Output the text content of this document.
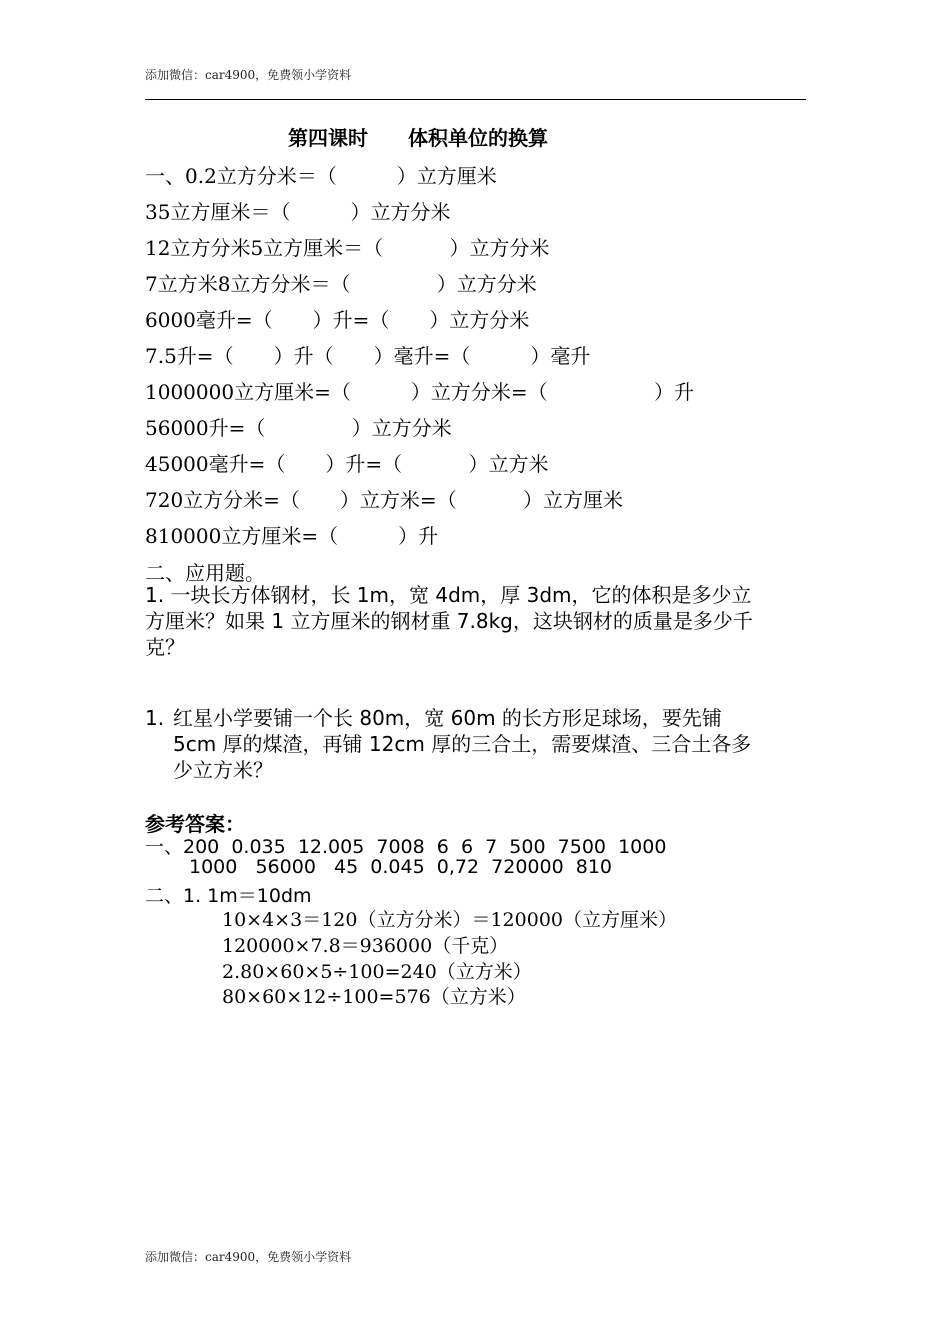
添加微信：car4900，免费领小学资料
第四课时　　体积单位的换算
一、0.2立方分米＝（　　　）立方厘米
35立方厘米＝（　　　）立方分米
12立方分米5立方厘米＝（　　　 ）立方分米
7立方米8立方分米＝（　　　　 ）立方分米
6000毫升=（　　）升=（　　）立方分米
7.5升=（　　）升（　　）毫升=（　　　）毫升
1000000立方厘米=（　　　）立方分米=（　　　　　 ）升
56000升=（　　　　 ）立方分米
45000毫升=（　　）升=（　　　 ）立方米
720立方分米=（　　）立方米=（　　　 ）立方厘米
810000立方厘米=（　　　）升
二、应用题。
1. 一块长方体钢材，长 1m，宽 4dm，厚 3dm，它的体积是多少立方厘米？如果 1 立方厘米的钢材重 7.8kg，这块钢材的质量是多少千克？
1. 红星小学要铺一个长 80m，宽 60m 的长方形足球场，要先铺 5cm 厚的煤渣，再铺 12cm 厚的三合土，需要煤渣、三合土各多少立方米？
参考答案：
一、200  0.035  12.005  7008  6  6  7  500  7500  1000
1000   56000   45  0.045  0,72  720000  810
二、1. 1m＝10dm
10×4×3＝120（立方分米）＝120000（立方厘米）
120000×7.8＝936000（千克）
2.80×60×5÷100=240（立方米）
80×60×12÷100=576（立方米）
添加微信：car4900，免费领小学资料
